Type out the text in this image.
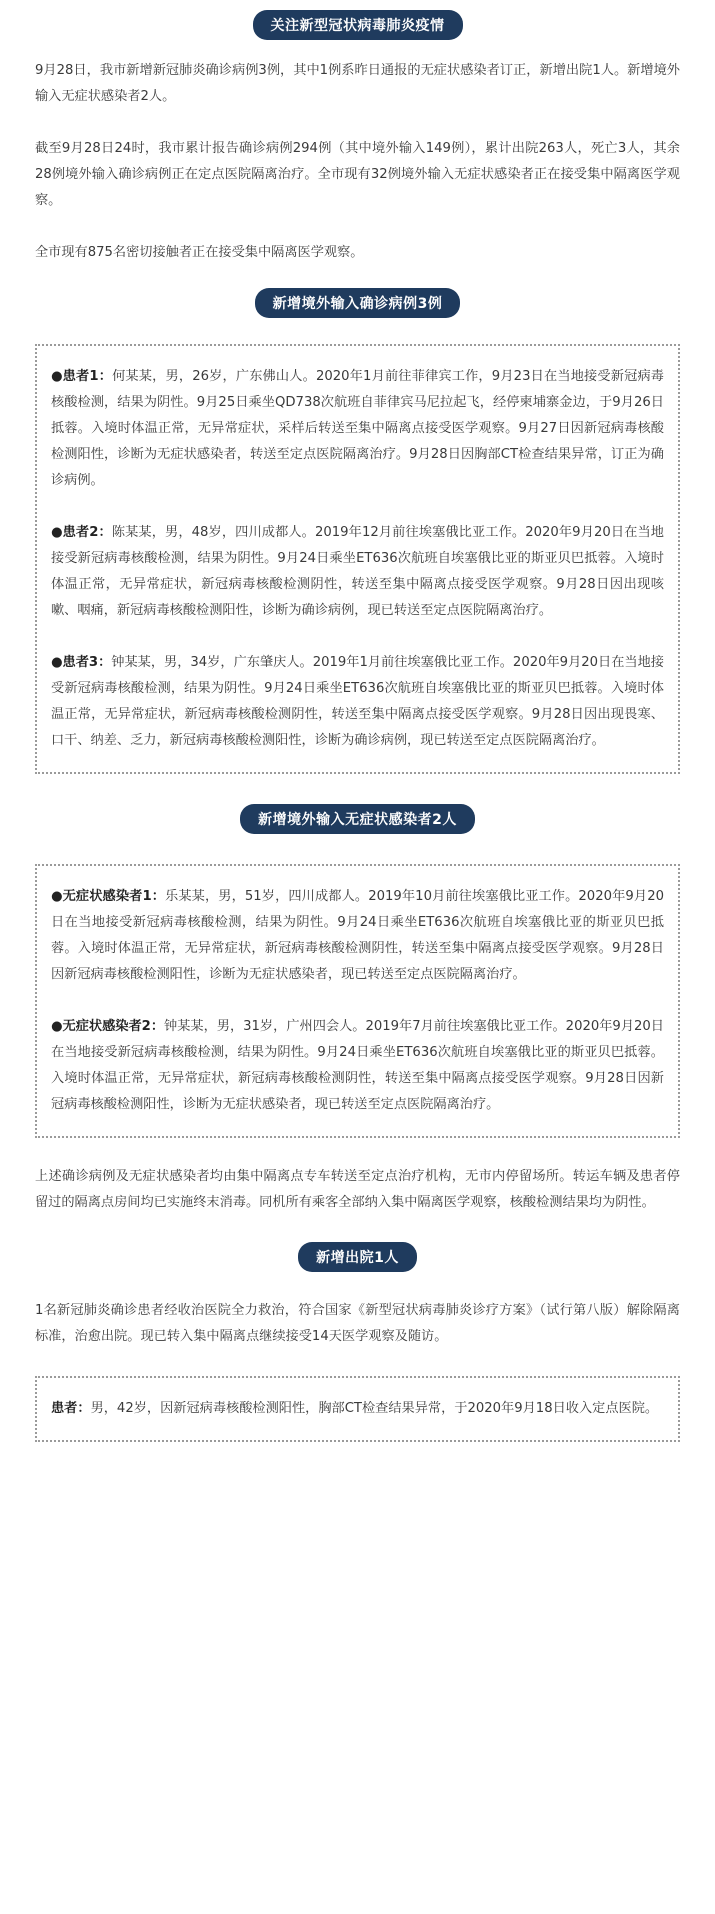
关注新型冠状病毒肺炎疫情

9月28日，我市新增新冠肺炎确诊病例3例，其中1例系昨日通报的无症状感染者订正，新增出院1人。新增境外输入无症状感染者2人。

截至9月28日24时，我市累计报告确诊病例294例（其中境外输入149例），累计出院263人，死亡3人，其余28例境外输入确诊病例正在定点医院隔离治疗。全市现有32例境外输入无症状感染者正在接受集中隔离医学观察。

全市现有875名密切接触者正在接受集中隔离医学观察。

新增境外输入确诊病例3例
●患者1：何某某，男，26岁，广东佛山人。2020年1月前往菲律宾工作，9月23日在当地接受新冠病毒核酸检测，结果为阴性。9月25日乘坐QD738次航班自菲律宾马尼拉起飞，经停柬埔寨金边，于9月26日抵蓉。入境时体温正常，无异常症状，采样后转送至集中隔离点接受医学观察。9月27日因新冠病毒核酸检测阳性，诊断为无症状感染者，转送至定点医院隔离治疗。9月28日因胸部CT检查结果异常，订正为确诊病例。
●患者2：陈某某，男，48岁，四川成都人。2019年12月前往埃塞俄比亚工作。2020年9月20日在当地接受新冠病毒核酸检测，结果为阴性。9月24日乘坐ET636次航班自埃塞俄比亚的斯亚贝巴抵蓉。入境时体温正常，无异常症状，新冠病毒核酸检测阴性，转送至集中隔离点接受医学观察。9月28日因出现咳嗽、咽痛，新冠病毒核酸检测阳性，诊断为确诊病例，现已转送至定点医院隔离治疗。
●患者3：钟某某，男，34岁，广东肇庆人。2019年1月前往埃塞俄比亚工作。2020年9月20日在当地接受新冠病毒核酸检测，结果为阴性。9月24日乘坐ET636次航班自埃塞俄比亚的斯亚贝巴抵蓉。入境时体温正常，无异常症状，新冠病毒核酸检测阴性，转送至集中隔离点接受医学观察。9月28日因出现畏寒、口干、纳差、乏力，新冠病毒核酸检测阳性，诊断为确诊病例，现已转送至定点医院隔离治疗。
新增境外输入无症状感染者2人
●无症状感染者1：乐某某，男，51岁，四川成都人。2019年10月前往埃塞俄比亚工作。2020年9月20日在当地接受新冠病毒核酸检测，结果为阴性。9月24日乘坐ET636次航班自埃塞俄比亚的斯亚贝巴抵蓉。入境时体温正常，无异常症状，新冠病毒核酸检测阴性，转送至集中隔离点接受医学观察。9月28日因新冠病毒核酸检测阳性，诊断为无症状感染者，现已转送至定点医院隔离治疗。
●无症状感染者2：钟某某，男，31岁，广州四会人。2019年7月前往埃塞俄比亚工作。2020年9月20日在当地接受新冠病毒核酸检测，结果为阴性。9月24日乘坐ET636次航班自埃塞俄比亚的斯亚贝巴抵蓉。入境时体温正常，无异常症状，新冠病毒核酸检测阴性，转送至集中隔离点接受医学观察。9月28日因新冠病毒核酸检测阳性，诊断为无症状感染者，现已转送至定点医院隔离治疗。

上述确诊病例及无症状感染者均由集中隔离点专车转送至定点治疗机构，无市内停留场所。转运车辆及患者停留过的隔离点房间均已实施终末消毒。同机所有乘客全部纳入集中隔离医学观察，核酸检测结果均为阴性。

新增出院1人

1名新冠肺炎确诊患者经收治医院全力救治，符合国家《新型冠状病毒肺炎诊疗方案》（试行第八版）解除隔离标准，治愈出院。现已转入集中隔离点继续接受14天医学观察及随访。

患者：男，42岁，因新冠病毒核酸检测阳性，胸部CT检查结果异常，于2020年9月18日收入定点医院。
